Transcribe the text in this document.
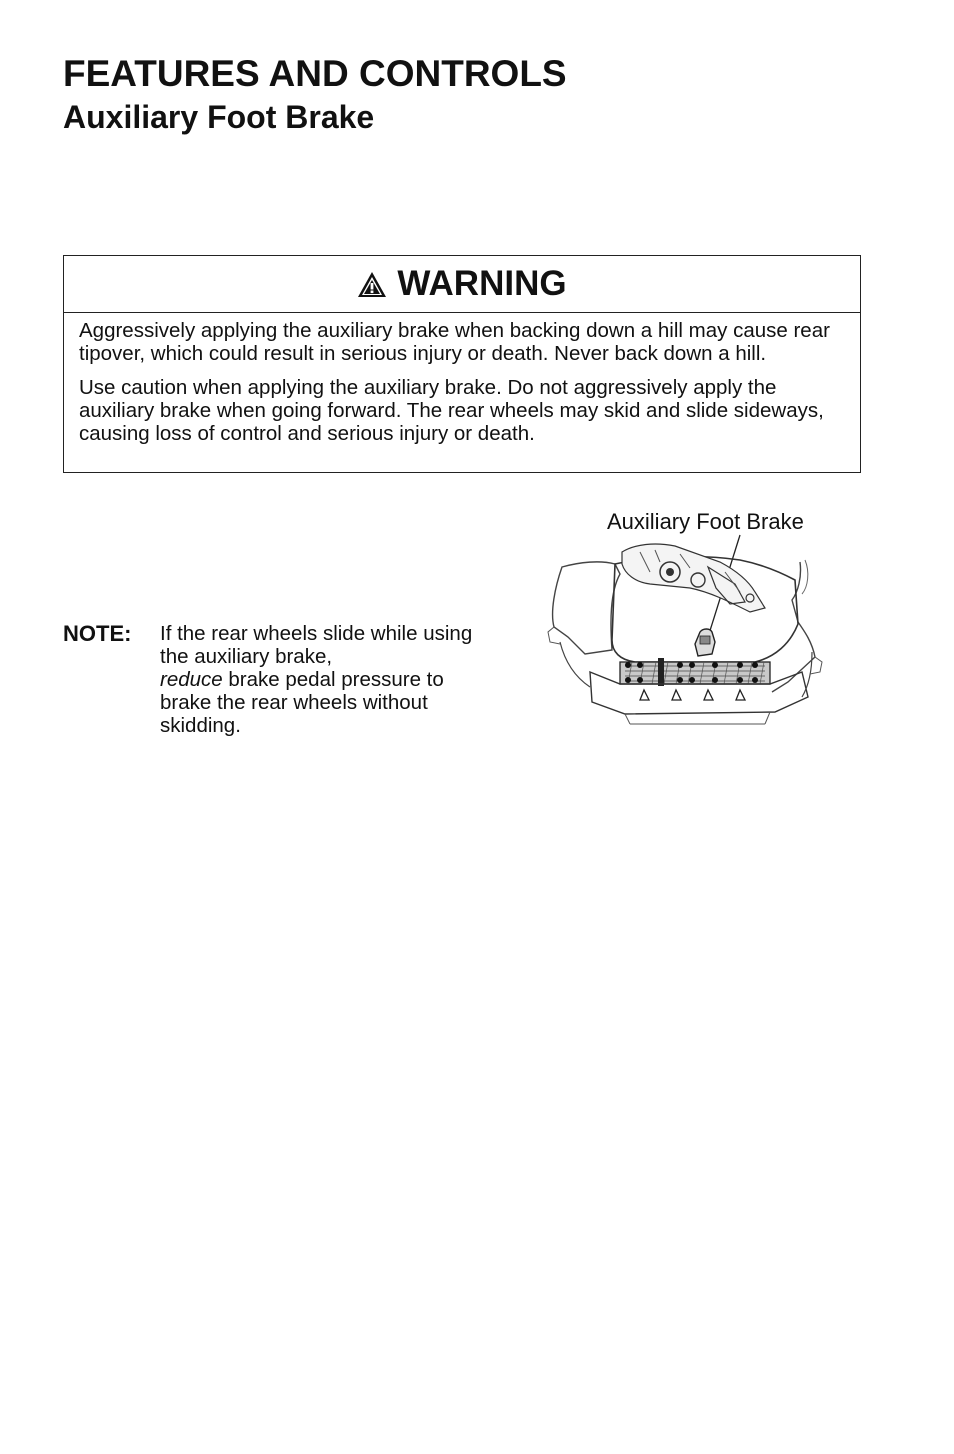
FEATURES AND CONTROLS
Auxiliary Foot Brake
WARNING

Aggressively applying the auxiliary brake when backing down a hill may cause rear tipover, which could result in serious injury or death. Never back down a hill.

Use caution when applying the auxiliary brake. Do not aggressively apply the auxiliary brake when going forward. The rear wheels may skid and slide sideways, causing loss of control and serious injury or death.

NOTE: If the rear wheels slide while using the auxiliary brake,
reduce brake pedal pressure to brake the rear wheels without skidding.
Auxiliary Foot Brake
